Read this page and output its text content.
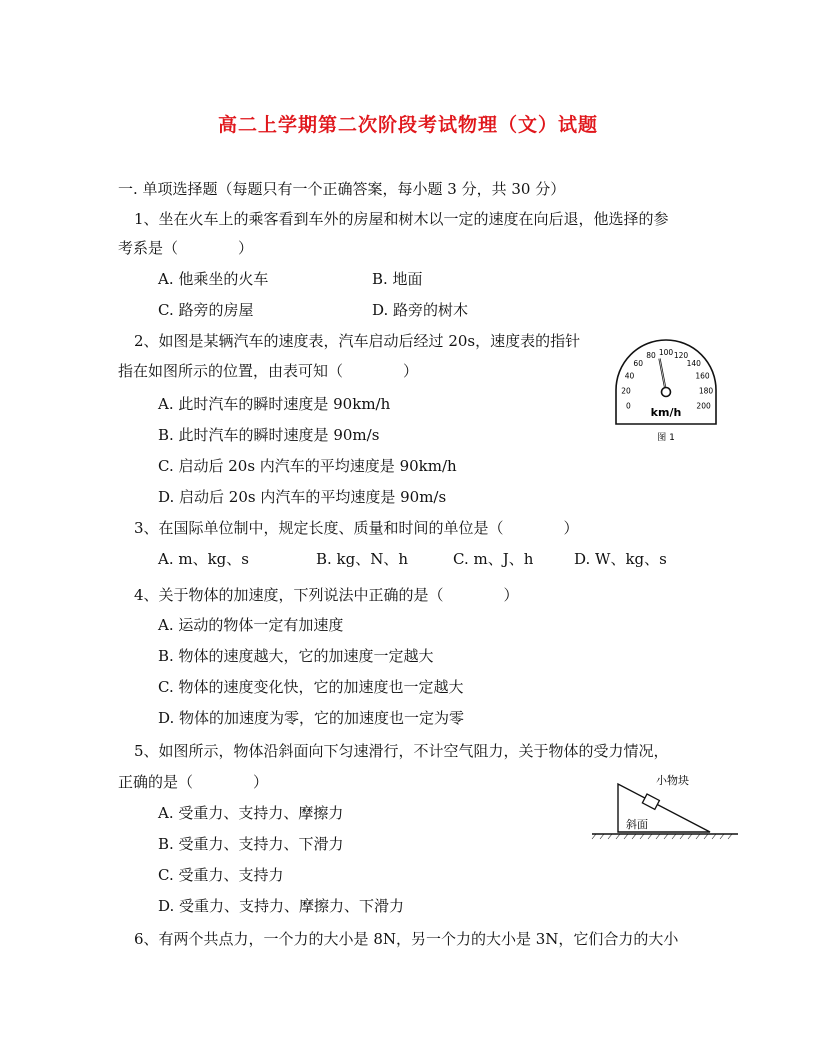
高二上学期第二次阶段考试物理（文）试题
一. 单项选择题（每题只有一个正确答案，每小题 3 分，共 30 分）
1、坐在火车上的乘客看到车外的房屋和树木以一定的速度在向后退，他选择的参
考系是（　　　　）
A. 他乘坐的火车	B. 地面
C. 路旁的房屋	D. 路旁的树木
2、如图是某辆汽车的速度表，汽车启动后经过 20s，速度表的指针
指在如图所示的位置，由表可知（　　　　）
A. 此时汽车的瞬时速度是 90km/h
B. 此时汽车的瞬时速度是 90m/s
C. 启动后 20s 内汽车的平均速度是 90km/h
D. 启动后 20s 内汽车的平均速度是 90m/s
0
20
40
60
80 100 120
140
160
180
200
km/h
图 1
3、在国际单位制中，规定长度、质量和时间的单位是（　　　　）
A. m、kg、s	B. kg、N、h	C. m、J、h	D. W、kg、s
4、关于物体的加速度，下列说法中正确的是（　　　　）
A. 运动的物体一定有加速度
B. 物体的速度越大，它的加速度一定越大
C. 物体的速度变化快，它的加速度也一定越大
D. 物体的加速度为零，它的加速度也一定为零
5、如图所示，物体沿斜面向下匀速滑行，不计空气阻力，关于物体的受力情况，
正确的是（　　　　）
A. 受重力、支持力、摩擦力
B. 受重力、支持力、下滑力
C. 受重力、支持力
D. 受重力、支持力、摩擦力、下滑力
小物块
斜面
6、有两个共点力，一个力的大小是 8N，另一个力的大小是 3N，它们合力的大小
